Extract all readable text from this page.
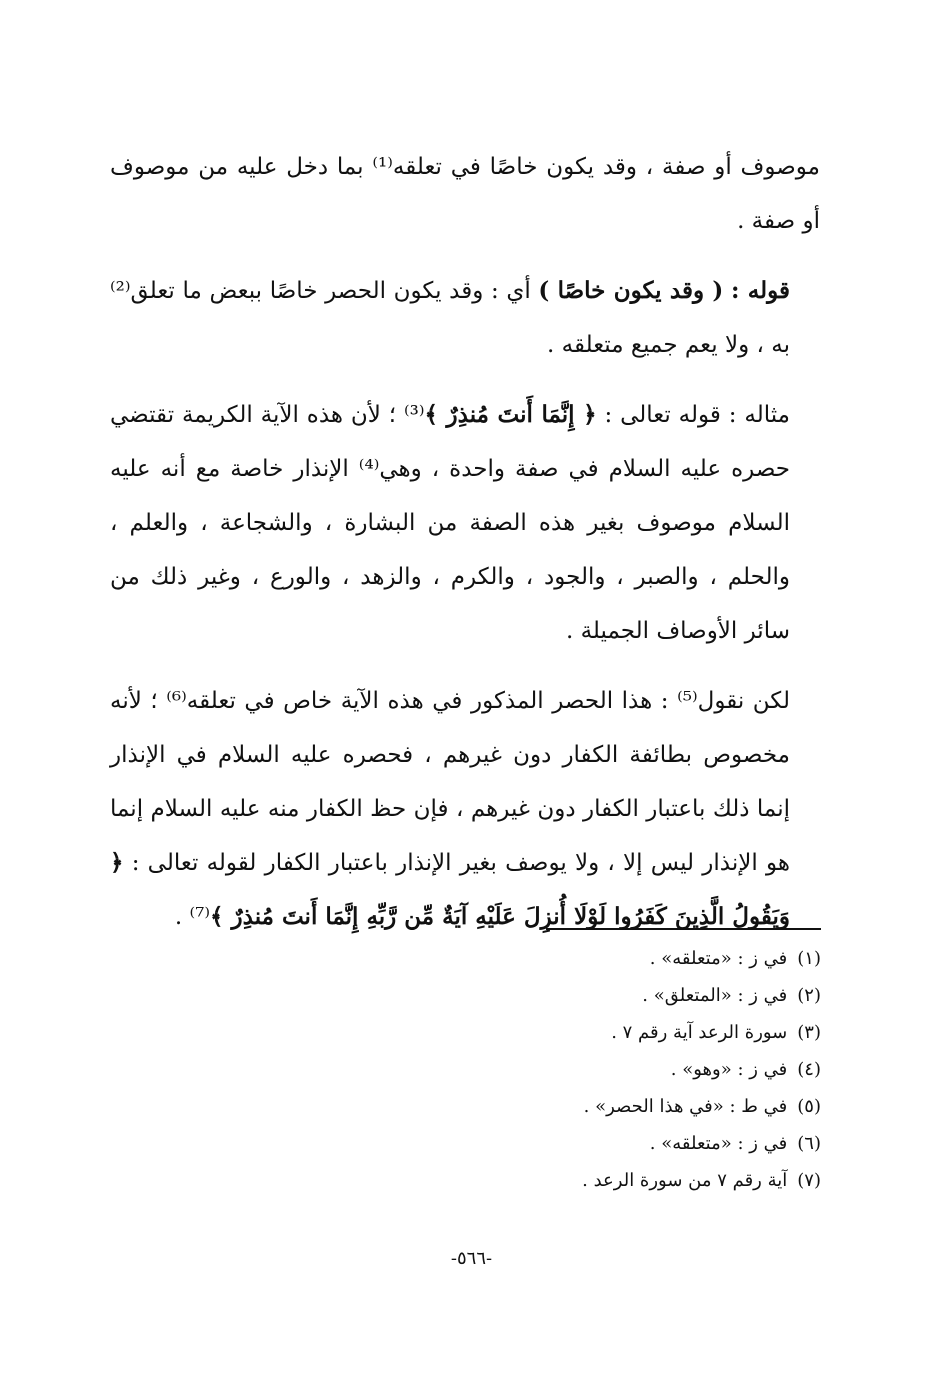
موصوف أو صفة ، وقد يكون خاصًا في تعلقه⁽¹⁾ بما دخل عليه من موصوف أو صفة .

قوله : ( وقد يكون خاصًا ) أي : وقد يكون الحصر خاصًا ببعض ما تعلق⁽²⁾ به ، ولا يعم جميع متعلقه .

مثاله : قوله تعالى : ﴿ إِنَّمَا أَنتَ مُنذِرٌ ﴾⁽³⁾ ؛ لأن هذه الآية الكريمة تقتضي حصره عليه السلام في صفة واحدة ، وهي⁽⁴⁾ الإنذار خاصة مع أنه عليه السلام موصوف بغير هذه الصفة من البشارة ، والشجاعة ، والعلم ، والحلم ، والصبر ، والجود ، والكرم ، والزهد ، والورع ، وغير ذلك من سائر الأوصاف الجميلة .

لكن نقول⁽⁵⁾ : هذا الحصر المذكور في هذه الآية خاص في تعلقه⁽⁶⁾ ؛ لأنه مخصوص بطائفة الكفار دون غيرهم ، فحصره عليه السلام في الإنذار إنما ذلك باعتبار الكفار دون غيرهم ، فإن حظ الكفار منه عليه السلام إنما هو الإنذار ليس إلا ، ولا يوصف بغير الإنذار باعتبار الكفار لقوله تعالى : ﴿ وَيَقُولُ الَّذِينَ كَفَرُوا لَوْلَا أُنزِلَ عَلَيْهِ آيَةٌ مِّن رَّبِّهِ إِنَّمَا أَنتَ مُنذِرٌ ﴾⁽⁷⁾ .

(١)في ز : «متعلقه» .
(٢)في ز : «المتعلق» .
(٣)سورة الرعد آية رقم ٧ .
(٤)في ز : «وهو» .
(٥)في ط : «في هذا الحصر» .
(٦)في ز : «متعلقه» .
(٧)آية رقم ٧ من سورة الرعد .
-٥٦٦-
